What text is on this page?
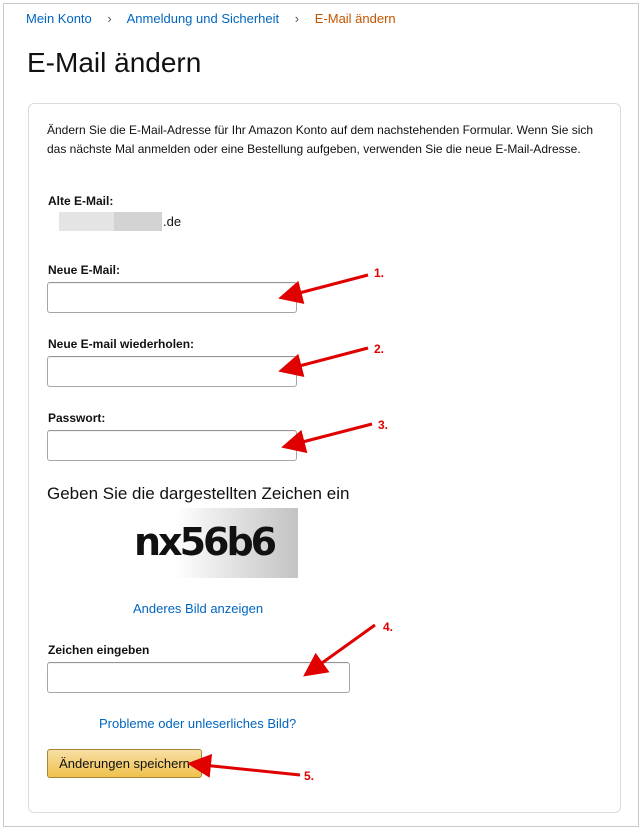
Mein Konto › Anmeldung und Sicherheit › E-Mail ändern
E-Mail ändern

Ändern Sie die E-Mail-Adresse für Ihr Amazon Konto auf dem nachstehenden Formular. Wenn Sie sich das nächste Mal anmelden oder eine Bestellung aufgeben, verwenden Sie die neue E-Mail-Adresse.

Alte E-Mail:
.de
Neue E-Mail:
Neue E-mail wiederholen:
Passwort:
Geben Sie die dargestellten Zeichen ein
nx56b6
Anderes Bild anzeigen
Zeichen eingeben
Probleme oder unleserliches Bild?
Änderungen speichern
1.
2.
3.
4.
5.
